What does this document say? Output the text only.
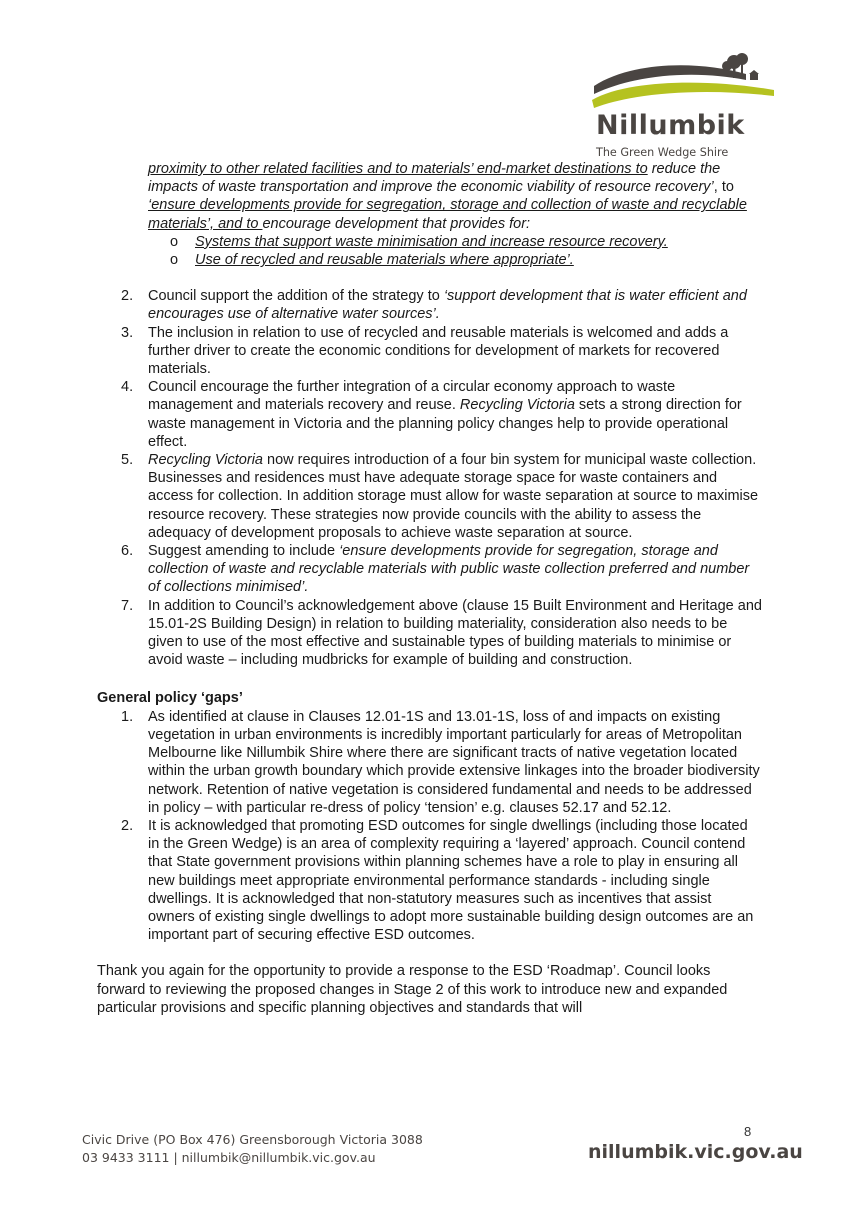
Nillumbik
The Green Wedge Shire

proximity to other related facilities and to materials’ end-market destinations to reduce the impacts of waste transportation and improve the economic viability of resource recovery’, to ‘ensure developments provide for segregation, storage and collection of waste and recyclable materials’, and to encourage development that provides for:

o Systems that support waste minimisation and increase resource recovery.
o Use of recycled and reusable materials where appropriate’.
2. Council support the addition of the strategy to ‘support development that is water efficient and encourages use of alternative water sources’.
3. The inclusion in relation to use of recycled and reusable materials is welcomed and adds a further driver to create the economic conditions for development of markets for recovered materials.
4. Council encourage the further integration of a circular economy approach to waste management and materials recovery and reuse. Recycling Victoria sets a strong direction for waste management in Victoria and the planning policy changes help to provide operational effect.
5. Recycling Victoria now requires introduction of a four bin system for municipal waste collection. Businesses and residences must have adequate storage space for waste containers and access for collection. In addition storage must allow for waste separation at source to maximise resource recovery. These strategies now provide councils with the ability to assess the adequacy of development proposals to achieve waste separation at source.
6. Suggest amending to include ‘ensure developments provide for segregation, storage and collection of waste and recyclable materials with public waste collection preferred and number of collections minimised’.
7. In addition to Council’s acknowledgement above (clause 15 Built Environment and Heritage and 15.01-2S Building Design) in relation to building materiality, consideration also needs to be given to use of the most effective and sustainable types of building materials to minimise or avoid waste – including mudbricks for example of building and construction.

General policy ‘gaps’

1. As identified at clause in Clauses 12.01-1S and 13.01-1S, loss of and impacts on existing vegetation in urban environments is incredibly important particularly for areas of Metropolitan Melbourne like Nillumbik Shire where there are significant tracts of native vegetation located within the urban growth boundary which provide extensive linkages into the broader biodiversity network. Retention of native vegetation is considered fundamental and needs to be addressed in policy – with particular re-dress of policy ‘tension’ e.g. clauses 52.17 and 52.12.
2. It is acknowledged that promoting ESD outcomes for single dwellings (including those located in the Green Wedge) is an area of complexity requiring a ‘layered’ approach. Council contend that State government provisions within planning schemes have a role to play in ensuring all new buildings meet appropriate environmental performance standards - including single dwellings. It is acknowledged that non-statutory measures such as incentives that assist owners of existing single dwellings to adopt more sustainable building design outcomes are an important part of securing effective ESD outcomes.

Thank you again for the opportunity to provide a response to the ESD ‘Roadmap’. Council looks forward to reviewing the proposed changes in Stage 2 of this work to introduce new and expanded particular provisions and specific planning objectives and standards that will

8
Civic Drive (PO Box 476) Greensborough Victoria 3088
03 9433 3111 | nillumbik@nillumbik.vic.gov.au	nillumbik.vic.gov.au
